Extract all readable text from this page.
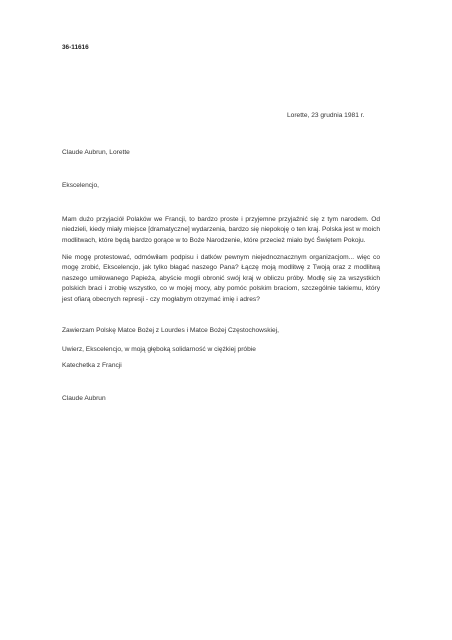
36-11616
Lorette, 23 grudnia 1981 r.
Claude Aubrun, Lorette
Ekscelencjo,
Mam dużo przyjaciół Polaków we Francji, to bardzo proste i przyjemne przyjaźnić się z tym narodem. Od niedzieli, kiedy miały miejsce [dramatyczne] wydarzenia, bardzo się niepokoję o ten kraj. Polska jest w moich modlitwach, które będą bardzo gorące w to Boże Narodzenie, które przecież miało być Świętem Pokoju.
Nie mogę protestować, odmówiłam podpisu i datków pewnym niejednoznacznym organizacjom... więc co mogę zrobić, Ekscelencjo, jak tylko błagać naszego Pana? Łączę moją modlitwę z Twoją oraz z modlitwą naszego umiłowanego Papieża, abyście mogli obronić swój kraj w obliczu próby. Modlę się za wszystkich polskich braci i zrobię wszystko, co w mojej mocy, aby pomóc polskim braciom, szczególnie takiemu, który jest ofiarą obecnych represji - czy mogłabym otrzymać imię i adres?
Zawierzam Polskę Matce Bożej z Lourdes i Matce Bożej Częstochowskiej,
Uwierz, Ekscelencjo, w moją głęboką solidarność w ciężkiej próbie
Katechetka z Francji
Claude Aubrun
